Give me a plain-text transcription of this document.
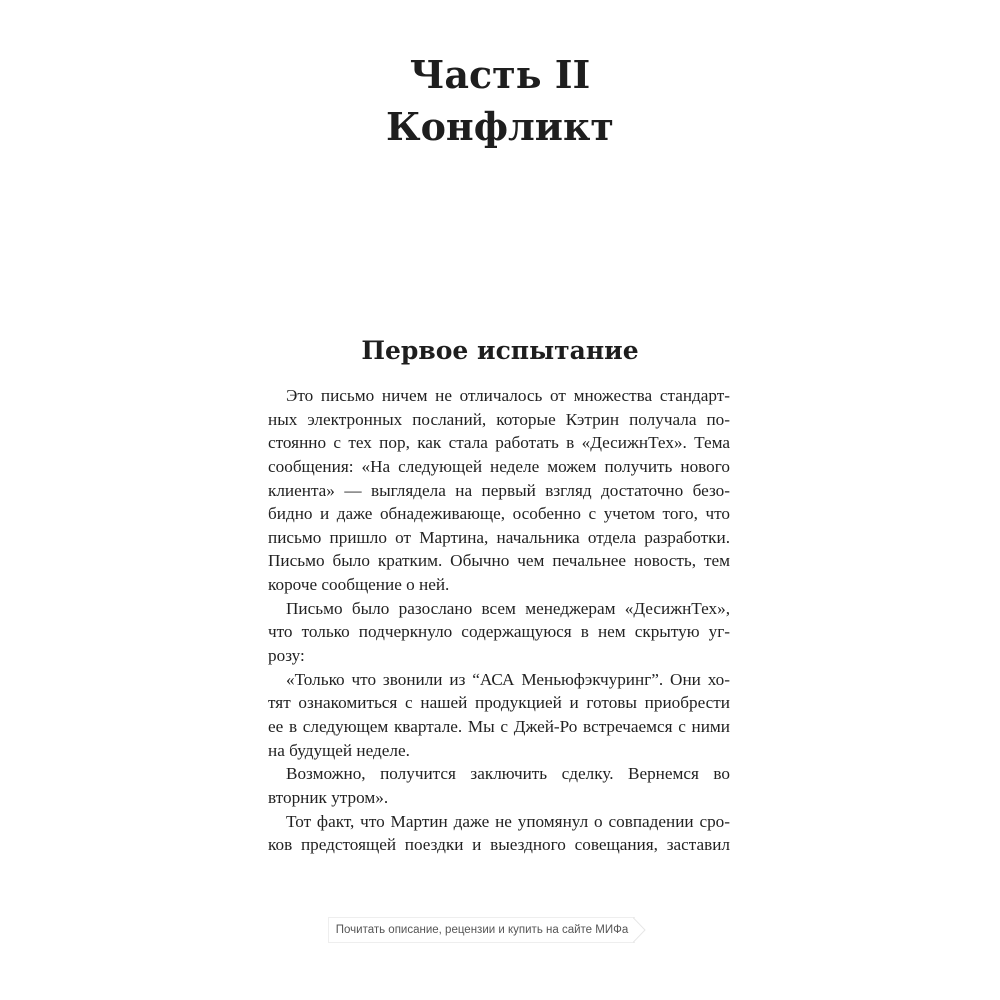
Часть II
Конфликт
Первое испытание
Это письмо ничем не отличалось от множества стандарт-
ных электронных посланий, которые Кэтрин получала по-
стоянно с тех пор, как стала работать в «ДесижнТех». Тема
сообщения: «На следующей неделе можем получить нового
клиента» — выглядела на первый взгляд достаточно безо-
бидно и даже обнадеживающе, особенно с учетом того, что
письмо пришло от Мартина, начальника отдела разработки.
Письмо было кратким. Обычно чем печальнее новость, тем
короче сообщение о ней.
Письмо было разослано всем менеджерам «ДесижнТех»,
что только подчеркнуло содержащуюся в нем скрытую уг-
розу:
«Только что звонили из “АСА Меньюфэкчуринг”. Они хо-
тят ознакомиться с нашей продукцией и готовы приобрести
ее в следующем квартале. Мы с Джей-Ро встречаемся с ними
на будущей неделе.
Возможно, получится заключить сделку. Вернемся во
вторник утром».
Тот факт, что Мартин даже не упомянул о совпадении сро-
ков предстоящей поездки и выездного совещания, заставил
Почитать описание, рецензии и купить на сайте МИФа
